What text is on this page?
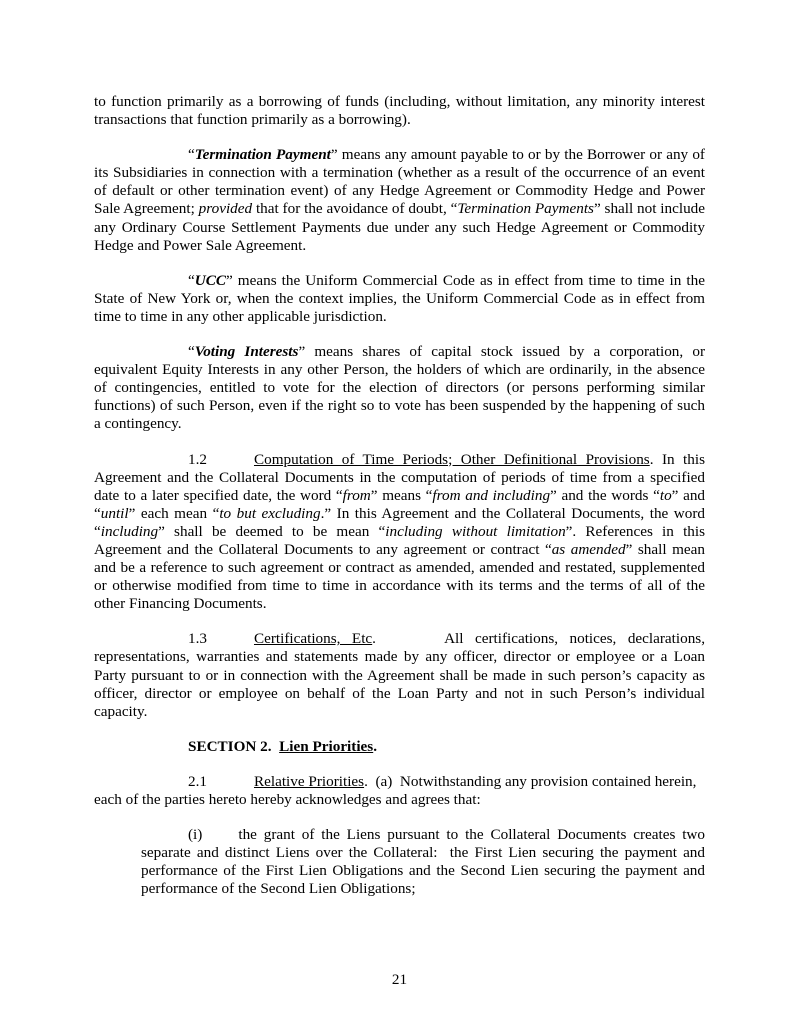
to function primarily as a borrowing of funds (including, without limitation, any minority interest transactions that function primarily as a borrowing).

“Termination Payment” means any amount payable to or by the Borrower or any of its Subsidiaries in connection with a termination (whether as a result of the occurrence of an event of default or other termination event) of any Hedge Agreement or Commodity Hedge and Power Sale Agreement; provided that for the avoidance of doubt, “Termination Payments” shall not include any Ordinary Course Settlement Payments due under any such Hedge Agreement or Commodity Hedge and Power Sale Agreement.

“UCC” means the Uniform Commercial Code as in effect from time to time in the State of New York or, when the context implies, the Uniform Commercial Code as in effect from time to time in any other applicable jurisdiction.

“Voting Interests” means shares of capital stock issued by a corporation, or equivalent Equity Interests in any other Person, the holders of which are ordinarily, in the absence of contingencies, entitled to vote for the election of directors (or persons performing similar functions) of such Person, even if the right so to vote has been suspended by the happening of such a contingency.

1.2	Computation of Time Periods; Other Definitional Provisions. In this Agreement and the Collateral Documents in the computation of periods of time from a specified date to a later specified date, the word “from” means “from and including” and the words “to” and “until” each mean “to but excluding.” In this Agreement and the Collateral Documents, the word “including” shall be deemed to be mean “including without limitation”. References in this Agreement and the Collateral Documents to any agreement or contract “as amended” shall mean and be a reference to such agreement or contract as amended, amended and restated, supplemented or otherwise modified from time to time in accordance with its terms and the terms of all of the other Financing Documents.

1.3	Certifications, Etc.      All certifications, notices, declarations, representations, warranties and statements made by any officer, director or employee or a Loan Party pursuant to or in connection with the Agreement shall be made in such person’s capacity as officer, director or employee on behalf of the Loan Party and not in such Person’s individual capacity.

SECTION 2.  Lien Priorities.

2.1	Relative Priorities.  (a)  Notwithstanding any provision contained herein, each of the parties hereto hereby acknowledges and agrees that:

(i) the grant of the Liens pursuant to the Collateral Documents creates two separate and distinct Liens over the Collateral:  the First Lien securing the payment and performance of the First Lien Obligations and the Second Lien securing the payment and performance of the Second Lien Obligations;

21
